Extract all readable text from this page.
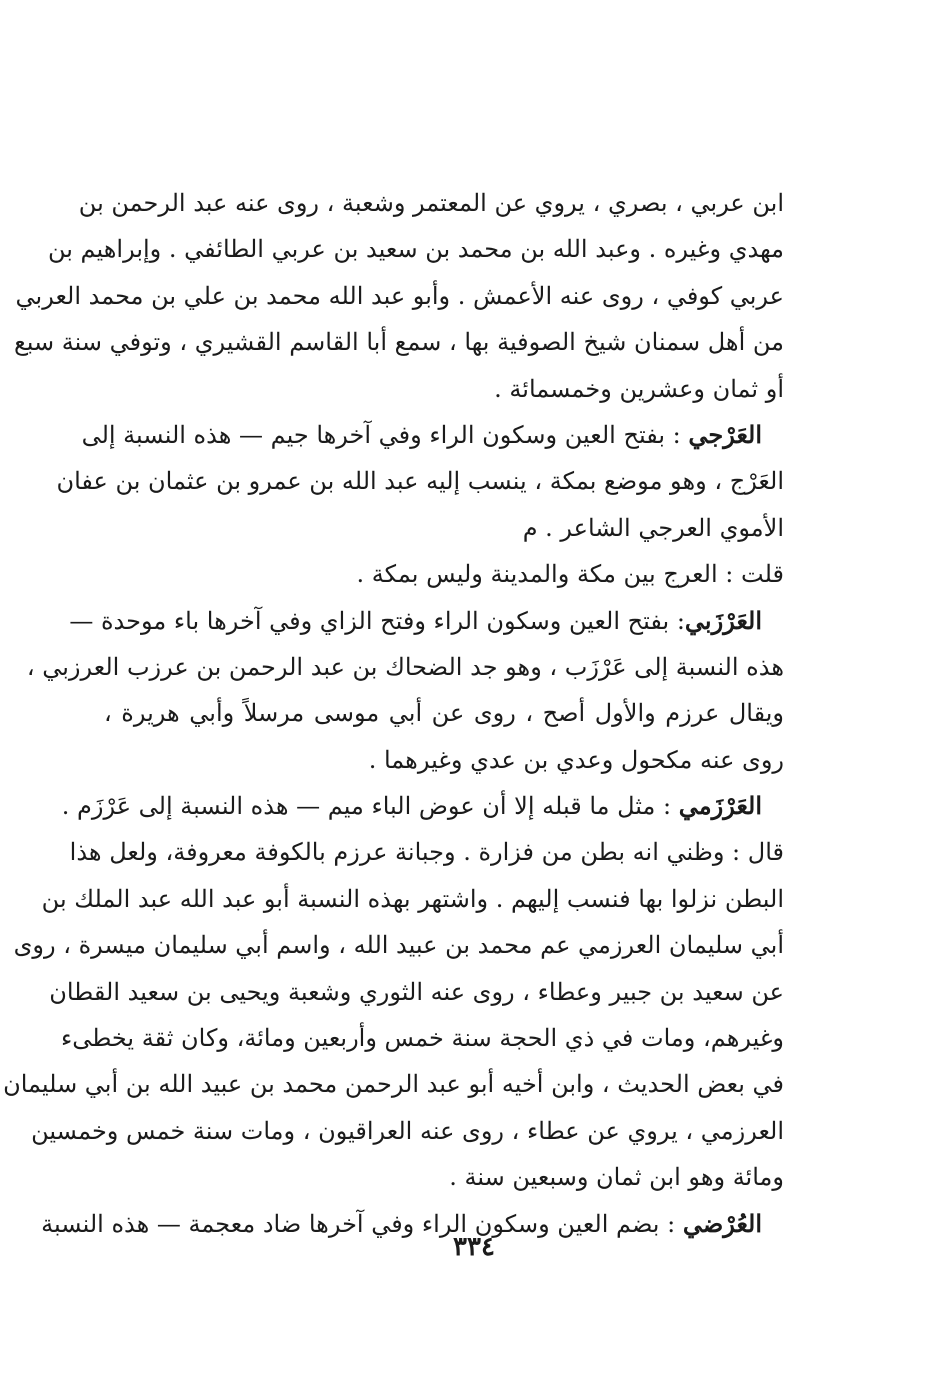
ابن عربي ، بصري ، يروي عن المعتمر وشعبة ، روى عنه عبد الرحمن بن
مهدي وغيره . وعبد الله بن محمد بن سعيد بن عربي الطائفي . وإبراهيم بن
عربي كوفي ، روى عنه الأعمش . وأبو عبد الله محمد بن علي بن محمد العربي
من أهل سمنان شيخ الصوفية بها ، سمع أبا القاسم القشيري ، وتوفي سنة سبع
أو ثمان وعشرين وخمسمائة .
العَرْجي : بفتح العين وسكون الراء وفي آخرها جيم — هذه النسبة إلى
العَرْج ، وهو موضع بمكة ، ينسب إليه عبد الله بن عمرو بن عثمان بن عفان
الأموي العرجي الشاعر . م
قلت : العرج بين مكة والمدينة وليس بمكة .
العَرْزَبي: بفتح العين وسكون الراء وفتح الزاي وفي آخرها باء موحدة —
هذه النسبة إلى عَرْزَب ، وهو جد الضحاك بن عبد الرحمن بن عرزب العرزبي ،
ويقال عرزم والأول أصح ، روى عن أبي موسى مرسلاً وأبي هريرة ،
روى عنه مكحول وعدي بن عدي وغيرهما .
العَرْزَمي : مثل ما قبله إلا أن عوض الباء ميم — هذه النسبة إلى عَرْزَم .
قال : وظني انه بطن من فزارة . وجبانة عرزم بالكوفة معروفة، ولعل هذا
البطن نزلوا بها فنسب إليهم . واشتهر بهذه النسبة أبو عبد الله عبد الملك بن
أبي سليمان العرزمي عم محمد بن عبيد الله ، واسم أبي سليمان ميسرة ، روى
عن سعيد بن جبير وعطاء ، روى عنه الثوري وشعبة ويحيى بن سعيد القطان
وغيرهم، ومات في ذي الحجة سنة خمس وأربعين ومائة، وكان ثقة يخطىء
في بعض الحديث ، وابن أخيه أبو عبد الرحمن محمد بن عبيد الله بن أبي سليمان
العرزمي ، يروي عن عطاء ، روى عنه العراقيون ، ومات سنة خمس وخمسين
ومائة وهو ابن ثمان وسبعين سنة .
العُرْضي : بضم العين وسكون الراء وفي آخرها ضاد معجمة — هذه النسبة
٣٣٤
